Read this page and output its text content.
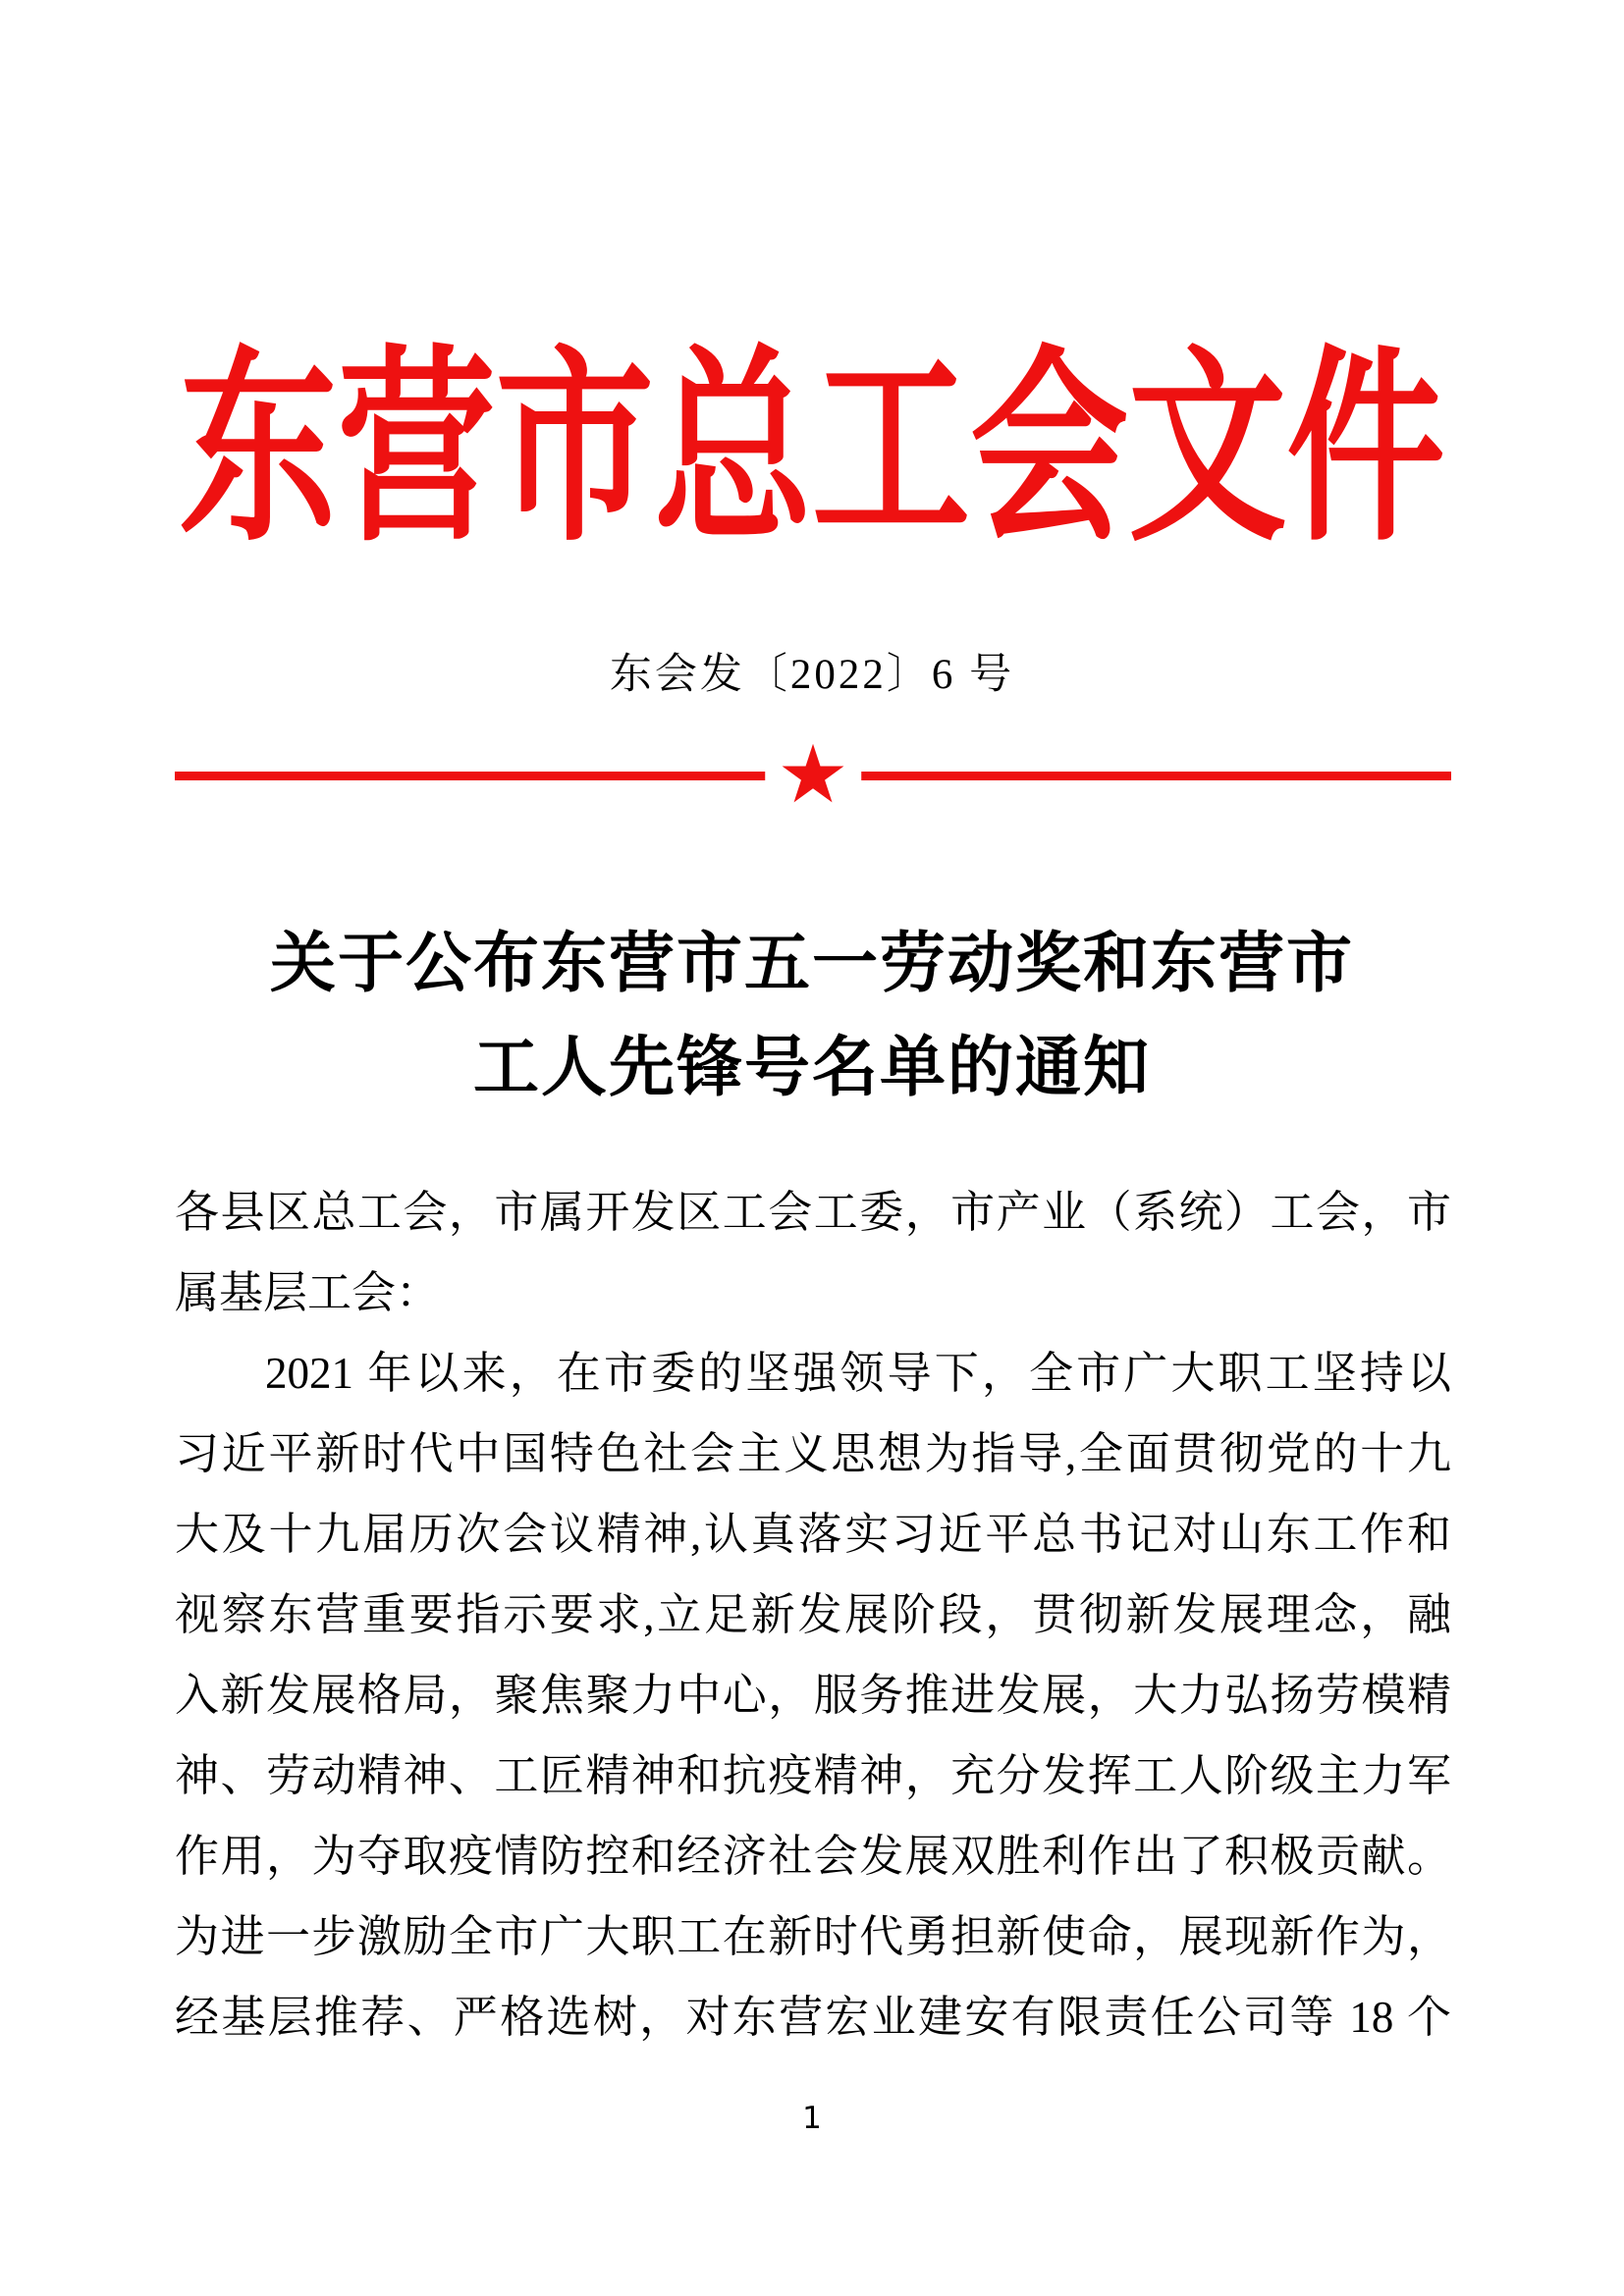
东营市总工会文件
东会发〔2022〕6 号
★
关于公布东营市五一劳动奖和东营市
工人先锋号名单的通知
各县区总工会，市属开发区工会工委，市产业（系统）工会，市
属基层工会：
2021 年以来，在市委的坚强领导下，全市广大职工坚持以
习近平新时代中国特色社会主义思想为指导,全面贯彻党的十九
大及十九届历次会议精神,认真落实习近平总书记对山东工作和
视察东营重要指示要求,立足新发展阶段，贯彻新发展理念，融
入新发展格局，聚焦聚力中心，服务推进发展，大力弘扬劳模精
神、劳动精神、工匠精神和抗疫精神，充分发挥工人阶级主力军
作用，为夺取疫情防控和经济社会发展双胜利作出了积极贡献。
为进一步激励全市广大职工在新时代勇担新使命，展现新作为，
经基层推荐、严格选树，对东营宏业建安有限责任公司等 18 个
1
